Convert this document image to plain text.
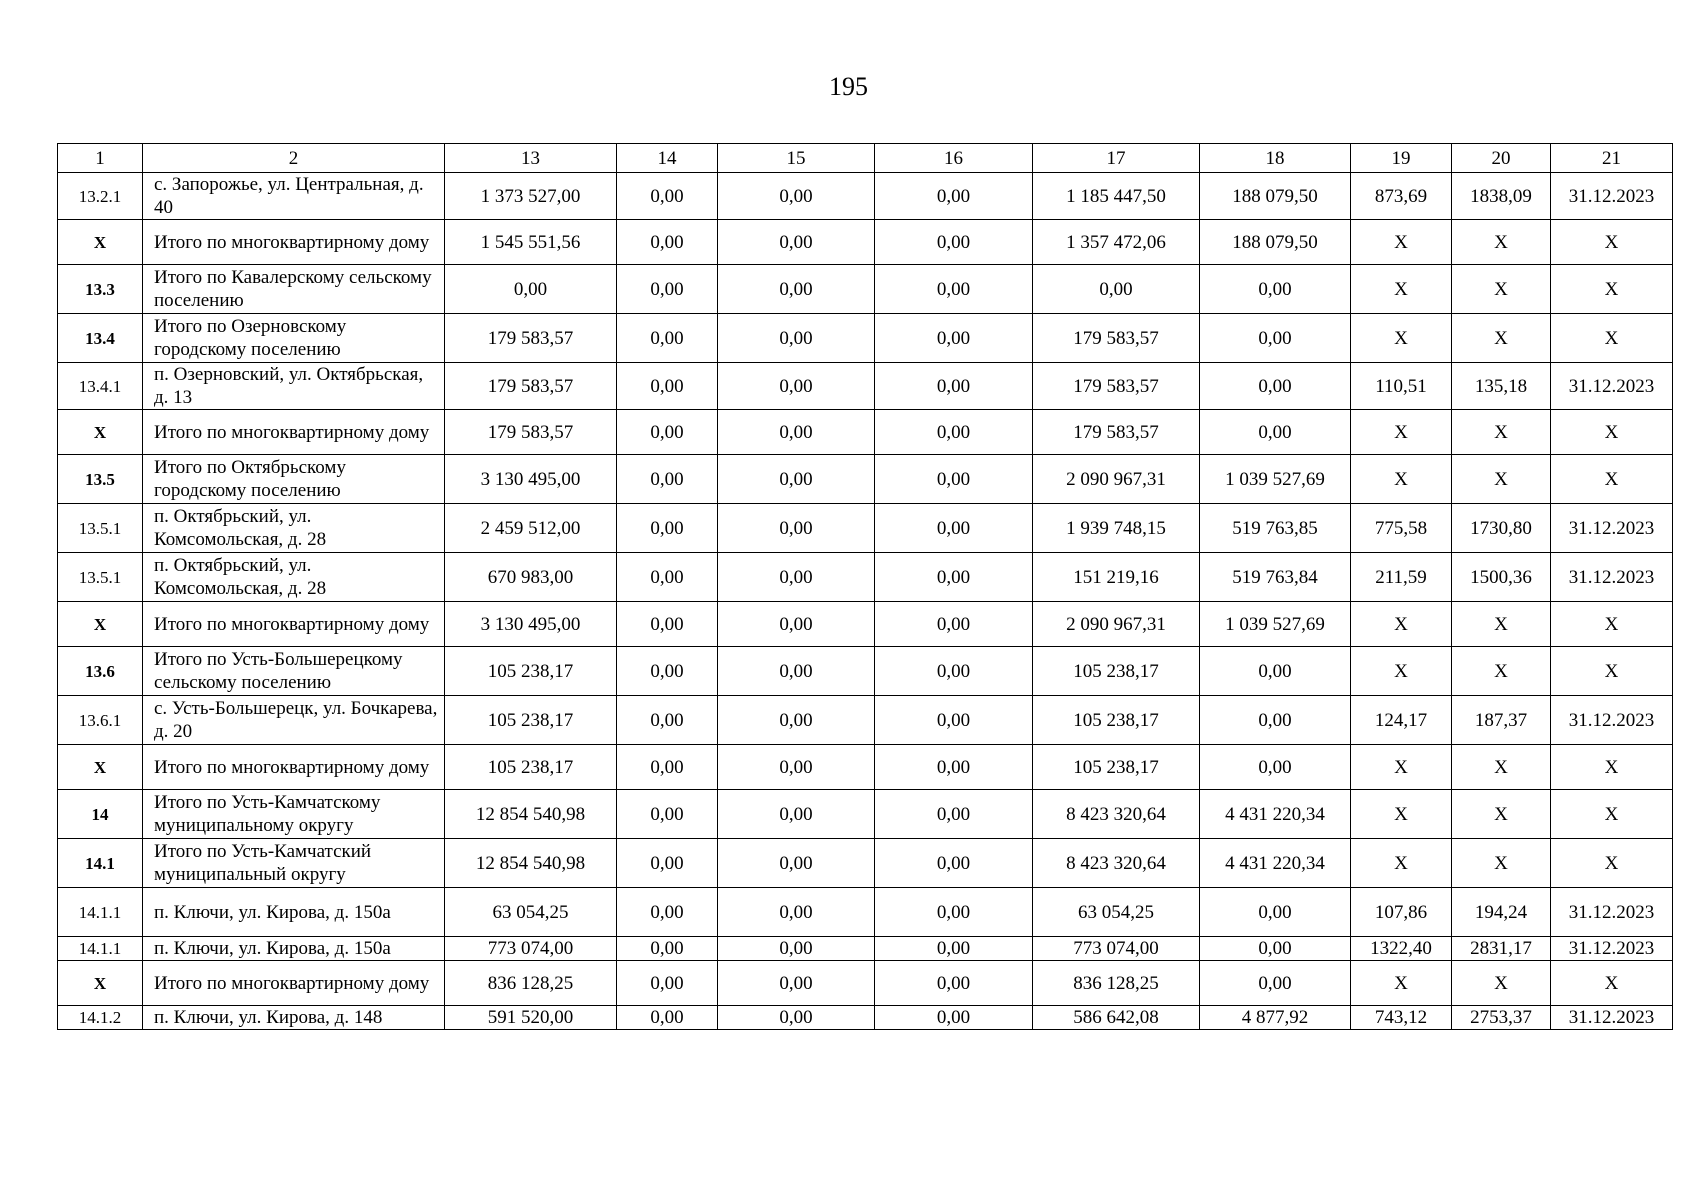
195
1	2	13	14	15	16	17	18	19	20	21
13.2.1	с. Запорожье, ул. Центральная, д. 40	1 373 527,00	0,00	0,00	0,00	1 185 447,50	188 079,50	873,69	1838,09	31.12.2023
X	Итого по многоквартирному дому	1 545 551,56	0,00	0,00	0,00	1 357 472,06	188 079,50	X	X	X
13.3	Итого по Кавалерскому сельскому поселению	0,00	0,00	0,00	0,00	0,00	0,00	X	X	X
13.4	Итого по Озерновскому городскому поселению	179 583,57	0,00	0,00	0,00	179 583,57	0,00	X	X	X
13.4.1	п. Озерновский, ул. Октябрьская, д. 13	179 583,57	0,00	0,00	0,00	179 583,57	0,00	110,51	135,18	31.12.2023
X	Итого по многоквартирному дому	179 583,57	0,00	0,00	0,00	179 583,57	0,00	X	X	X
13.5	Итого по Октябрьскому городскому поселению	3 130 495,00	0,00	0,00	0,00	2 090 967,31	1 039 527,69	X	X	X
13.5.1	п. Октябрьский, ул. Комсомольская, д. 28	2 459 512,00	0,00	0,00	0,00	1 939 748,15	519 763,85	775,58	1730,80	31.12.2023
13.5.1	п. Октябрьский, ул. Комсомольская, д. 28	670 983,00	0,00	0,00	0,00	151 219,16	519 763,84	211,59	1500,36	31.12.2023
X	Итого по многоквартирному дому	3 130 495,00	0,00	0,00	0,00	2 090 967,31	1 039 527,69	X	X	X
13.6	Итого по Усть-Большерецкому сельскому поселению	105 238,17	0,00	0,00	0,00	105 238,17	0,00	X	X	X
13.6.1	с. Усть-Большерецк, ул. Бочкарева, д. 20	105 238,17	0,00	0,00	0,00	105 238,17	0,00	124,17	187,37	31.12.2023
X	Итого по многоквартирному дому	105 238,17	0,00	0,00	0,00	105 238,17	0,00	X	X	X
14	Итого по Усть-Камчатскому муниципальному округу	12 854 540,98	0,00	0,00	0,00	8 423 320,64	4 431 220,34	X	X	X
14.1	Итого по Усть-Камчатский муниципальный округу	12 854 540,98	0,00	0,00	0,00	8 423 320,64	4 431 220,34	X	X	X
14.1.1	п. Ключи, ул. Кирова, д. 150а	63 054,25	0,00	0,00	0,00	63 054,25	0,00	107,86	194,24	31.12.2023
14.1.1	п. Ключи, ул. Кирова, д. 150а	773 074,00	0,00	0,00	0,00	773 074,00	0,00	1322,40	2831,17	31.12.2023
X	Итого по многоквартирному дому	836 128,25	0,00	0,00	0,00	836 128,25	0,00	X	X	X
14.1.2	п. Ключи, ул. Кирова, д. 148	591 520,00	0,00	0,00	0,00	586 642,08	4 877,92	743,12	2753,37	31.12.2023
